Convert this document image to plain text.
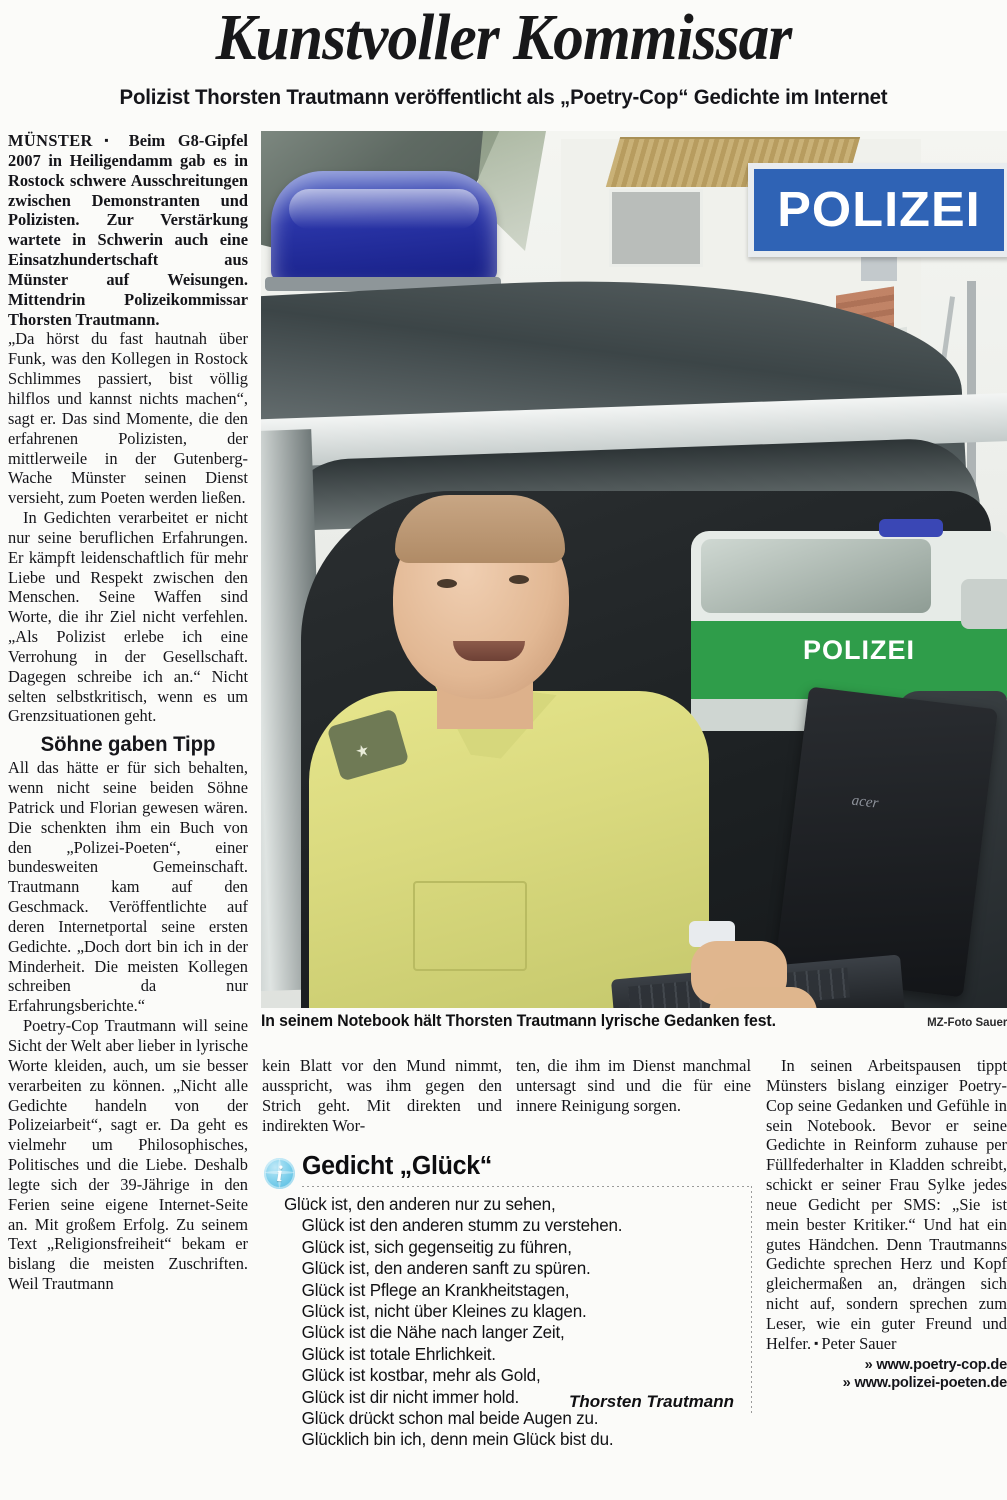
Kunstvoller Kommissar
Polizist Thorsten Trautmann veröffentlicht als „Poetry-Cop“ Gedichte im Internet

MÜNSTER ▪ Beim G8-Gipfel 2007 in Heiligendamm gab es in Rostock schwere Ausschreitungen zwischen Demonstranten und Polizisten. Zur Verstärkung wartete in Schwerin auch eine Einsatzhundertschaft aus Münster auf Weisungen. Mittendrin Polizeikommissar Thorsten Trautmann.

„Da hörst du fast hautnah über Funk, was den Kollegen in Rostock Schlimmes passiert, bist völlig hilflos und kannst nichts machen“, sagt er. Das sind Momente, die den erfahrenen Polizisten, der mittlerweile in der Gutenberg-Wache Münster seinen Dienst versieht, zum Poeten werden ließen.

In Gedichten verarbeitet er nicht nur seine beruflichen Erfahrungen. Er kämpft leidenschaftlich für mehr Liebe und Respekt zwischen den Menschen. Seine Waffen sind Worte, die ihr Ziel nicht verfehlen. „Als Polizist erlebe ich eine Verrohung in der Gesellschaft. Dagegen schreibe ich an.“ Nicht selten selbstkritisch, wenn es um Grenzsituationen geht.

Söhne gaben Tipp

All das hätte er für sich behalten, wenn nicht seine beiden Söhne Patrick und Florian gewesen wären. Die schenkten ihm ein Buch von den „Polizei-Poeten“, einer bundesweiten Gemeinschaft. Trautmann kam auf den Geschmack. Veröffentlichte auf deren Internetportal seine ersten Gedichte. „Doch dort bin ich in der Minderheit. Die meisten Kollegen schreiben da nur Erfahrungsberichte.“

Poetry-Cop Trautmann will seine Sicht der Welt aber lieber in lyrische Worte kleiden, auch, um sie besser verarbeiten zu können. „Nicht alle Gedichte handeln von der Polizeiarbeit“, sagt er. Da geht es vielmehr um Philosophisches, Politisches und die Liebe. Deshalb legte sich der 39-Jährige in den Ferien seine eigene Internet-Seite an. Mit großem Erfolg. Zu seinem Text „Religionsfreiheit“ bekam er bislang die meisten Zuschriften. Weil Trautmann

POLIZEI
POLIZEI
acer
In seinem Notebook hält Thorsten Trautmann lyrische Gedanken fest.	MZ-Foto Sauer

kein Blatt vor den Mund nimmt, ausspricht, was ihm gegen den Strich geht. Mit direkten und indirekten Wor-

ten, die ihm im Dienst manchmal untersagt sind und die für eine innere Reinigung sorgen.

In seinen Arbeitspausen tippt Münsters bislang einziger Poetry-Cop seine Gedanken und Gefühle in sein Notebook. Bevor er seine Gedichte in Reinform zuhause per Füllfederhalter in Kladden schreibt, schickt er seiner Frau Sylke jedes neue Gedicht per SMS: „Sie ist mein bester Kritiker.“ Und hat ein gutes Händchen. Denn Trautmanns Gedichte sprechen Herz und Kopf gleichermaßen an, drängen sich nicht auf, sondern sprechen zum Leser, wie ein guter Freund und Helfer. ▪ Peter Sauer

» www.poetry-cop.de
» www.polizei-poeten.de
i
Gedicht „Glück“
Glück ist, den anderen nur zu sehen,
Glück ist den anderen stumm zu verstehen.
Glück ist, sich gegenseitig zu führen,
Glück ist, den anderen sanft zu spüren.
Glück ist Pflege an Krankheitstagen,
Glück ist, nicht über Kleines zu klagen.
Glück ist die Nähe nach langer Zeit,
Glück ist totale Ehrlichkeit.
Glück ist kostbar, mehr als Gold,
Glück ist dir nicht immer hold.
Glück drückt schon mal beide Augen zu.
Glücklich bin ich, denn mein Glück bist du.
Thorsten Trautmann
